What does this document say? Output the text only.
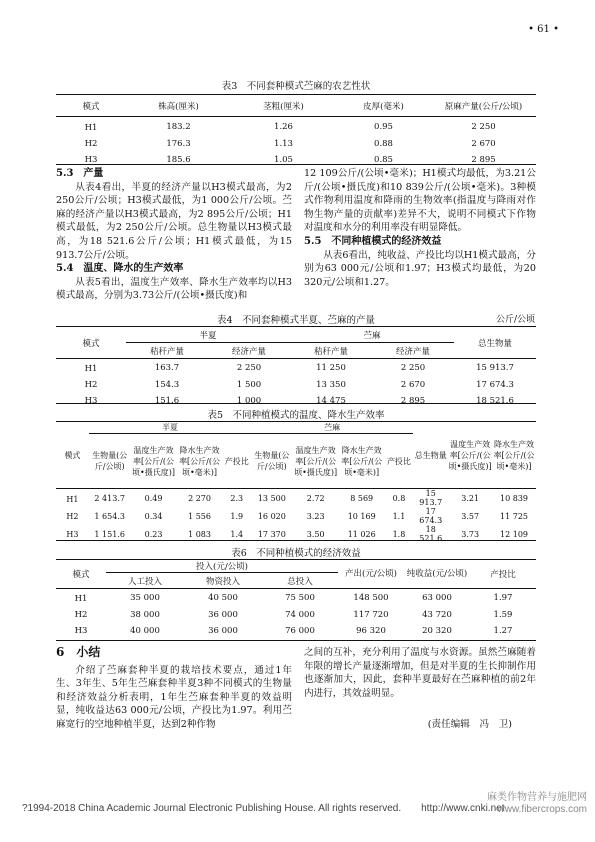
• 61 •
表3　不同套种模式苎麻的农艺性状
模式	株高(厘米)	茎粗(厘米)	皮厚(毫米)	原麻产量(公斤/公顷)
H1	183.2	1.26	0.95	2 250
H2	176.3	1.13	0.88	2 670
H3	185.6	1.05	0.85	2 895
5.3　产量

从表4看出，半夏的经济产量以H3模式最高，为2 250公斤/公顷；H3模式最低，为1 000公斤/公顷。苎麻的经济产量以H3模式最高，为2 895公斤/公顷；H1模式最低，为2 250公斤/公顷。总生物量以H3模式最高，为18 521.6公斤/公顷；H1模式最低，为15 913.7公斤/公顷。

5.4　温度、降水的生产效率

从表5看出，温度生产效率、降水生产效率均以H3模式最高，分别为3.73公斤/(公顷•摄氏度)和

12 109公斤/(公顷•毫米)；H1模式均最低，为3.21公斤/(公顷•摄氏度)和10 839公斤/(公顷•毫米)。3种模式作物利用温度和降雨的生物效率(指温度与降雨对作物生物产量的贡献率)差异不大，说明不同模式下作物对温度和水分的利用率没有明显降低。
5.5　不同种植模式的经济效益

从表6看出，纯收益、产投比均以H1模式最高，分别为63 000元/公顷和1.97；H3模式均最低，为20 320元/公顷和1.27。

表4　不同套种模式半夏、苎麻的产量	公斤/公顷
模式	半夏		苎麻		总生物量
	秸秆产量	经济产量	秸秆产量	经济产量	
H1	163.7	2 250	11 250	2 250	15 913.7
H2	154.3	1 500	13 350	2 670	17 674.3
H3	151.6	1 000	14 475	2 895	18 521.6
表5　不同种植模式的温度、降水生产效率
模式	半夏				苎麻				总生物量	温度生产效率[公斤/(公顷•摄氏度)]	降水生产效率[公斤/(公顷•毫米)]
	生物量(公斤/公顷)	温度生产效率[公斤/(公顷•摄氏度)]	降水生产效率[公斤/(公顷•毫米)]	产投比	生物量(公斤/公顷)	温度生产效率[公斤/(公顷•摄氏度)]	降水生产效率[公斤/(公顷•毫米)]	产投比			
H1	2 413.7	0.49	2 270	2.3	13 500	2.72	8 569	0.8	15 913.7	3.21	10 839
H2	1 654.3	0.34	1 556	1.9	16 020	3.23	10 169	1.1	17 674.3	3.57	11 725
H3	1 151.6	0.23	1 083	1.4	17 370	3.50	11 026	1.8	18 521.6	3.73	12 109
表6　不同种植模式的经济效益
模式	投入(元/公顷)			产出(元/公顷)	纯收益(元/公顷)	产投比
	人工投入	物资投入	总投入			
H1	35 000	40 500	75 500	148 500	63 000	1.97
H2	38 000	36 000	74 000	117 720	43 720	1.59
H3	40 000	36 000	76 000	96 320	20 320	1.27
6　小结

介绍了苎麻套种半夏的栽培技术要点，通过1年生、3年生、5年生苎麻套种半夏3种不同模式的生物量和经济效益分析表明，1年生苎麻套种半夏的效益明显，纯收益达63 000元/公顷，产投比为1.97。利用苎麻宽行的空地种植半夏，达到2种作物

之间的互补，充分利用了温度与水资源。虽然苎麻随着年限的增长产量逐渐增加，但是对半夏的生长抑制作用也逐渐加大，因此，套种半夏最好在苎麻种植的前2年内进行，其效益明显。
(责任编辑　冯　卫)
?1994-2018 China Academic Journal Electronic Publishing House. All rights reserved.　　http://www.cnki.net
麻类作物营养与施肥网
www.fibercrops.com
